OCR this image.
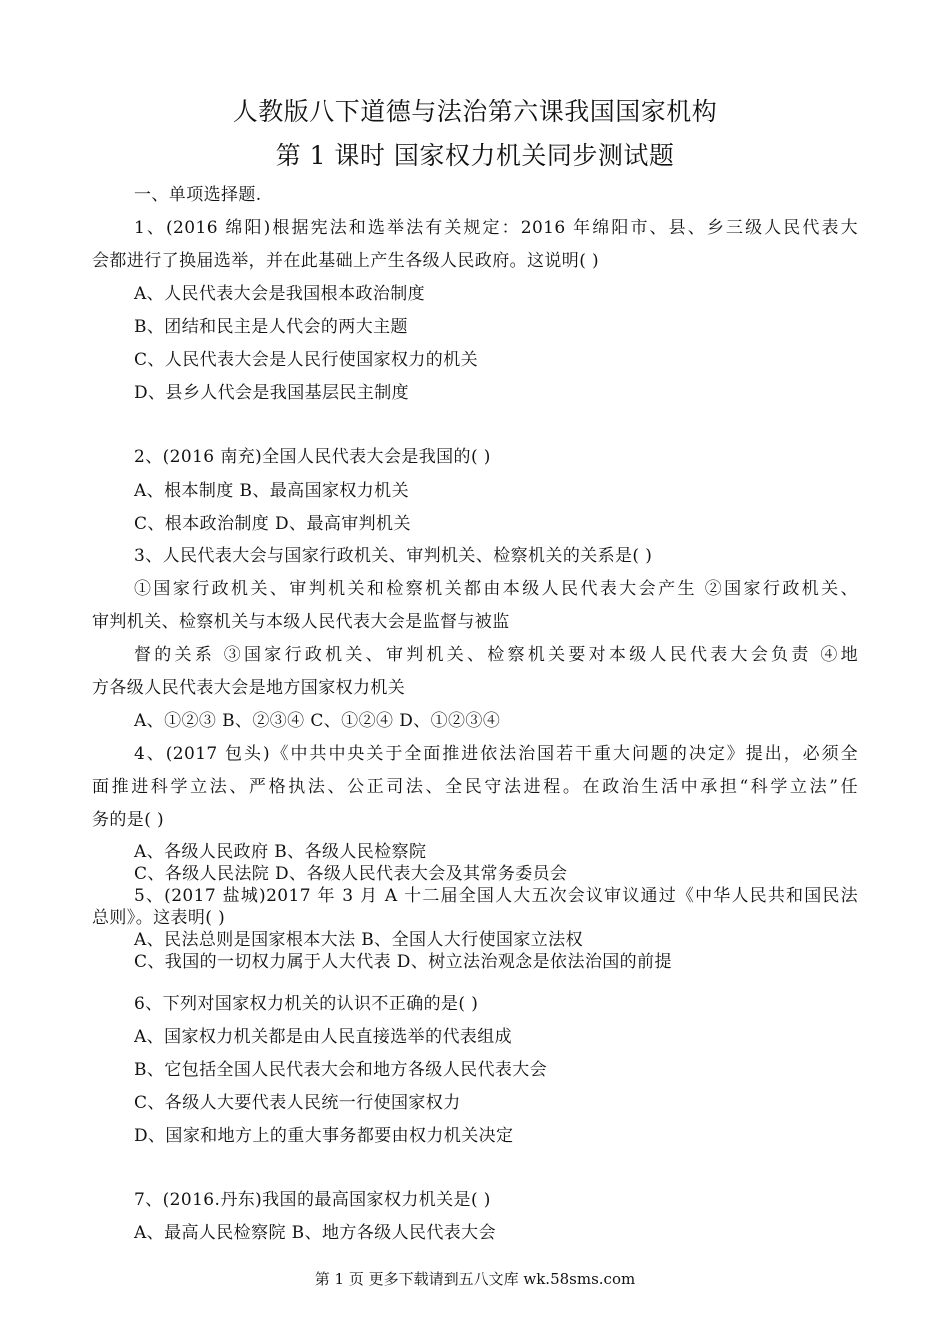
人教版八下道德与法治第六课我国国家机构
第 1 课时 国家权力机关同步测试题
一、单项选择题.
1、(2016 绵阳)根据宪法和选举法有关规定：2016 年绵阳市、县、乡三级人民代表大
会都进行了换届选举，并在此基础上产生各级人民政府。这说明( )
A、人民代表大会是我国根本政治制度
B、团结和民主是人代会的两大主题
C、人民代表大会是人民行使国家权力的机关
D、县乡人代会是我国基层民主制度
2、(2016 南充)全国人民代表大会是我国的( )
A、根本制度 B、最高国家权力机关
C、根本政治制度 D、最高审判机关
3、人民代表大会与国家行政机关、审判机关、检察机关的关系是( )
①国家行政机关、审判机关和检察机关都由本级人民代表大会产生 ②国家行政机关、
审判机关、检察机关与本级人民代表大会是监督与被监
督的关系 ③国家行政机关、审判机关、检察机关要对本级人民代表大会负责 ④地
方各级人民代表大会是地方国家权力机关
A、①②③ B、②③④ C、①②④ D、①②③④
4、(2017 包头)《中共中央关于全面推进依法治国若干重大问题的决定》提出，必须全
面推进科学立法、严格执法、公正司法、全民守法进程。在政治生活中承担“科学立法”任
务的是( )
A、各级人民政府 B、各级人民检察院
C、各级人民法院 D、各级人民代表大会及其常务委员会
5、(2017 盐城)2017 年 3 月 A 十二届全国人大五次会议审议通过《中华人民共和国民法
总则》。这表明( )
A、民法总则是国家根本大法 B、全国人大行使国家立法权
C、我国的一切权力属于人大代表 D、树立法治观念是依法治国的前提
6、下列对国家权力机关的认识不正确的是( )
A、国家权力机关都是由人民直接选举的代表组成
B、它包括全国人民代表大会和地方各级人民代表大会
C、各级人大要代表人民统一行使国家权力
D、国家和地方上的重大事务都要由权力机关决定
7、(2016.丹东)我国的最高国家权力机关是( )
A、最高人民检察院 B、地方各级人民代表大会
第 1 页 更多下载请到五八文库 wk.58sms.com
